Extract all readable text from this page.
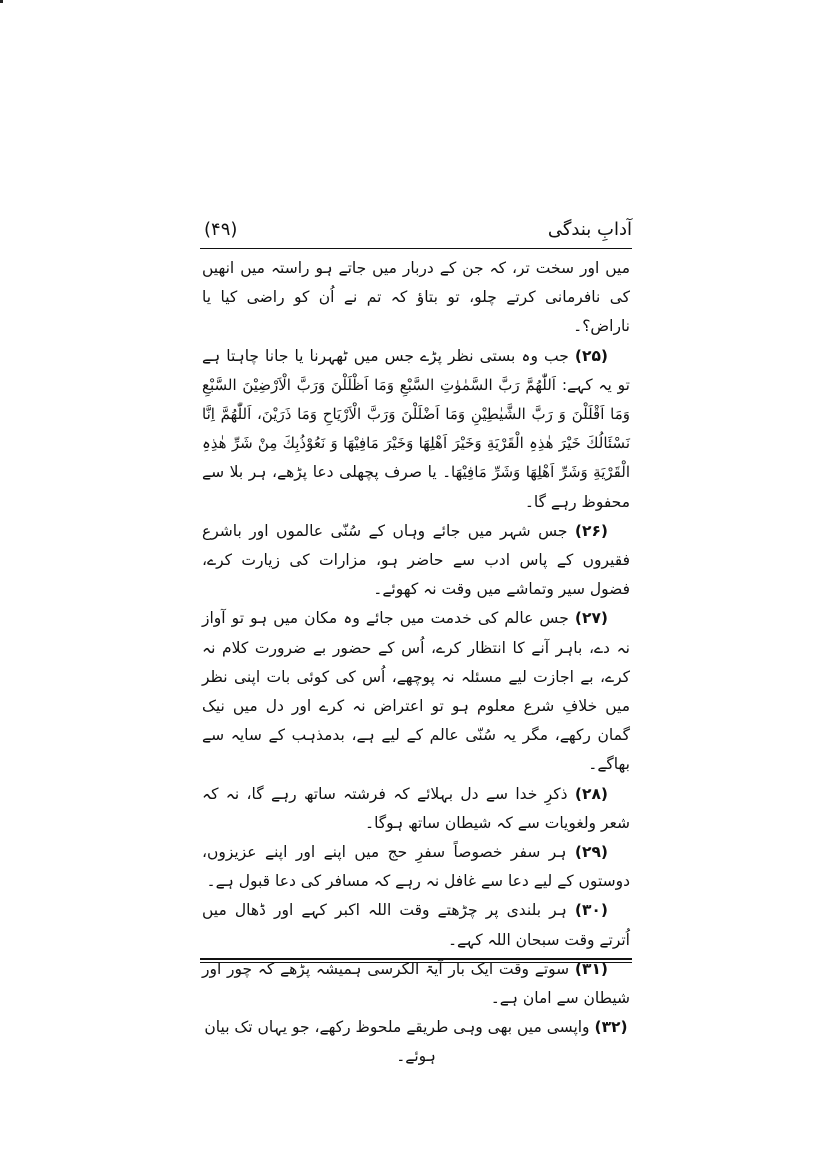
آدابِ بندگی
(۴۹)

میں اور سخت تر، کہ جن کے دربار میں جاتے ہو راستہ میں انھیں کی نافرمانی کرتے چلو، تو بتاؤ کہ تم نے اُن کو راضی کیا یا ناراض؟۔

(۲۵) جب وہ بستی نظر پڑے جس میں ٹھہرنا یا جانا چاہتا ہے تو یہ کہے: اَللّٰھُمَّ رَبَّ السَّمٰوٰتِ السَّبْعِ وَمَا اَظْلَلْنَ وَرَبَّ الْاَرْضِیْنَ السَّبْعِ وَمَا اَقْلَلْنَ وَ رَبَّ الشَّیٰطِیْنِ وَمَا اَضْلَلْنَ وَرَبَّ الْاَرْیَاحِ وَمَا ذَرَیْنَ، اَللّٰھُمَّ اِنَّا نَسْئَالُكَ خَیْرَ ھٰذِہِ الْقَرْیَةِ وَخَیْرَ اَھْلِھَا وَخَیْرَ مَافِیْھَا وَ نَعُوْذُبِكَ مِنْ شَرِّ ھٰذِہِ الْقَرْیَةِ وَشَرِّ اَھْلِھَا وَشَرِّ مَافِیْھَا۔ یا صرف پچھلی دعا پڑھے، ہر بلا سے محفوظ رہے گا۔

(۲۶) جس شہر میں جائے وہاں کے سُنّی عالموں اور باشرع فقیروں کے پاس ادب سے حاضر ہو، مزارات کی زیارت کرے، فضول سیر وتماشے میں وقت نہ کھوئے۔

(۲۷) جس عالم کی خدمت میں جائے وہ مکان میں ہو تو آواز نہ دے، باہر آنے کا انتظار کرے، اُس کے حضور بے ضرورت کلام نہ کرے، بے اجازت لیے مسئلہ نہ پوچھے، اُس کی کوئی بات اپنی نظر میں خلافِ شرع معلوم ہو تو اعتراض نہ کرے اور دل میں نیک گمان رکھے، مگر یہ سُنّی عالم کے لیے ہے، بدمذہب کے سایہ سے بھاگے۔

(۲۸) ذکرِ خدا سے دل بہلائے کہ فرشتہ ساتھ رہے گا، نہ کہ شعر ولغویات سے کہ شیطان ساتھ ہوگا۔

(۲۹) ہر سفر خصوصاً سفرِ حج میں اپنے اور اپنے عزیزوں، دوستوں کے لیے دعا سے غافل نہ رہے کہ مسافر کی دعا قبول ہے۔

(۳۰) ہر بلندی پر چڑھتے وقت اللہ اکبر کہے اور ڈھال میں اُترتے وقت سبحان اللہ کہے۔

(۳۱) سوتے وقت ایک بار آیۃ الکرسی ہمیشہ پڑھے کہ چور اور شیطان سے امان ہے۔

(۳۲) واپسی میں بھی وہی طریقے ملحوظ رکھے، جو یہاں تک بیان ہوئے۔
